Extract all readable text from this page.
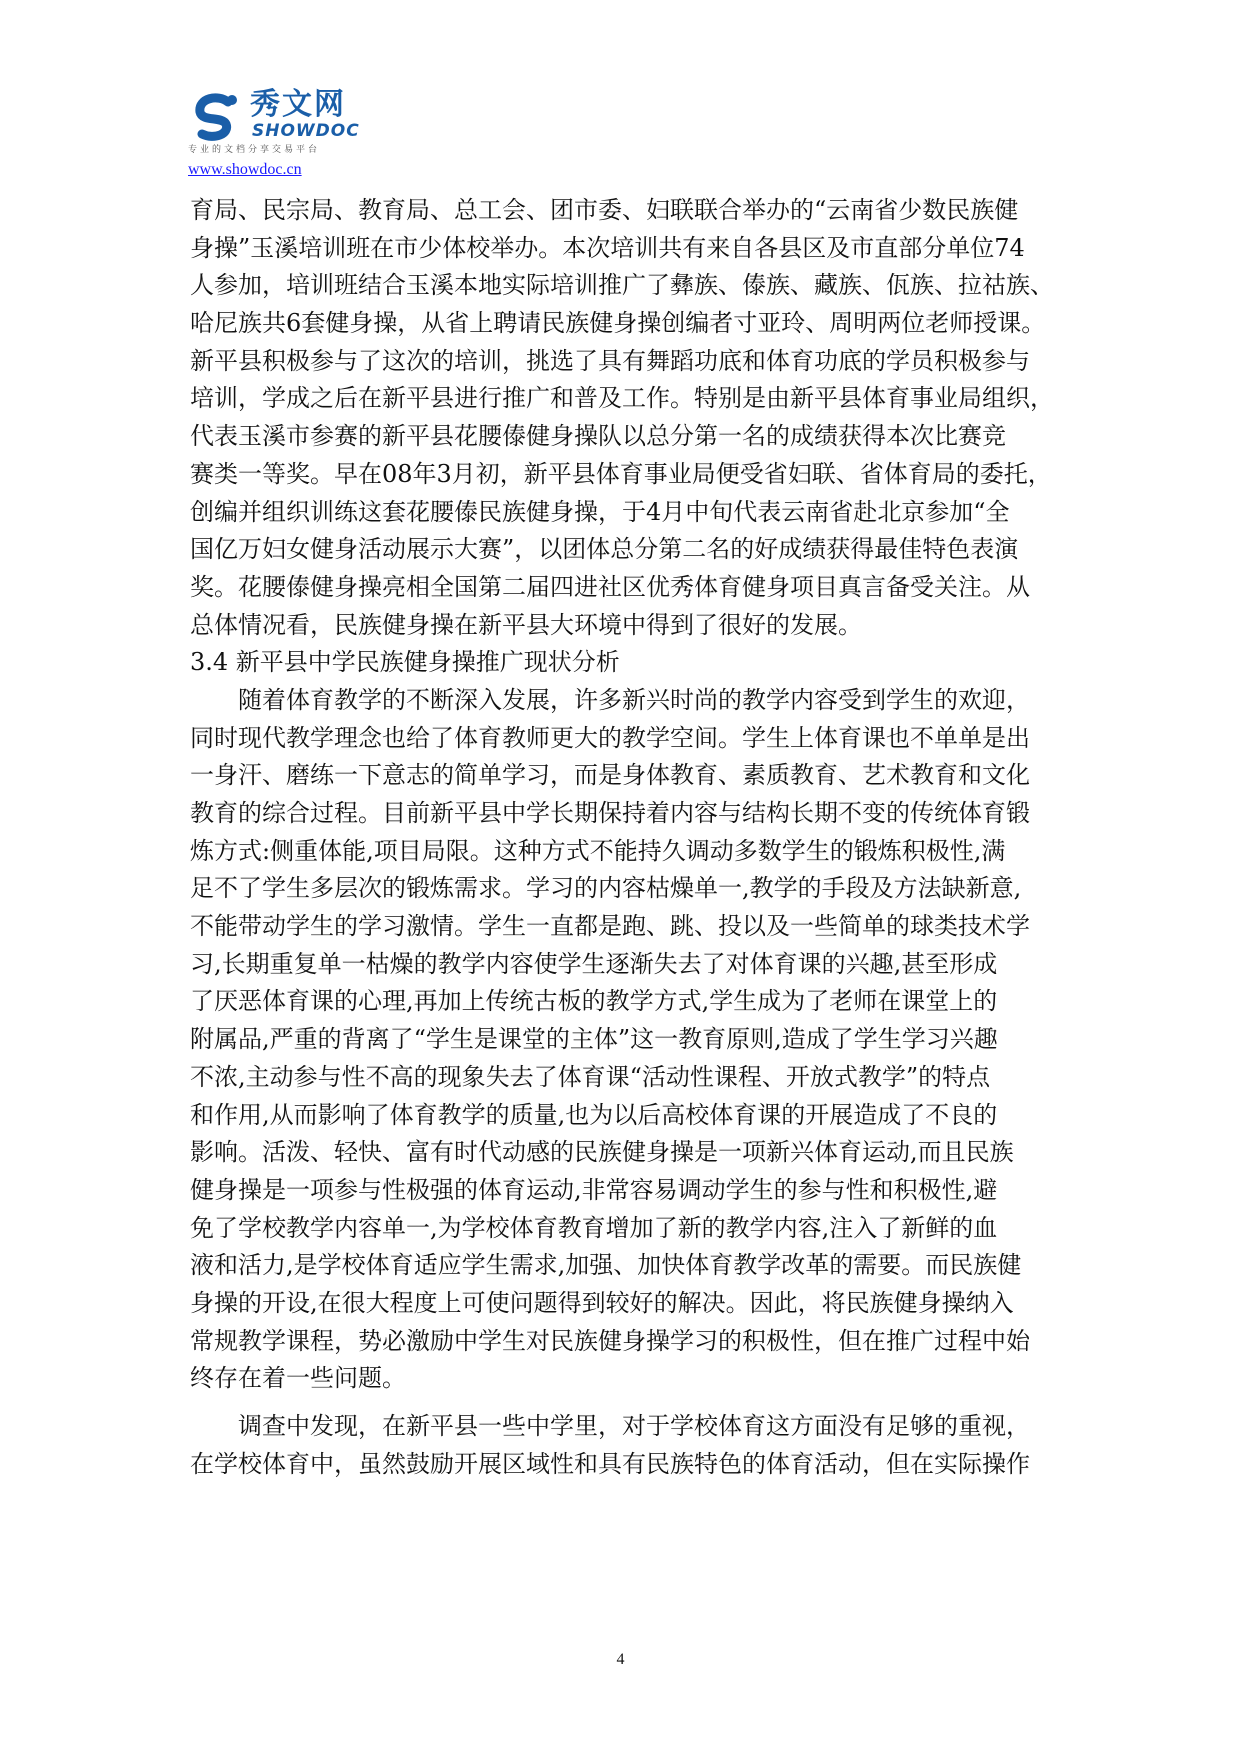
秀文网
SHOWDOC
专业的文档分享交易平台
www.showdoc.cn
育局、民宗局、教育局、总工会、团市委、妇联联合举办的“云南省少数民族健
身操”玉溪培训班在市少体校举办。本次培训共有来自各县区及市直部分单位74
人参加，培训班结合玉溪本地实际培训推广了彝族、傣族、藏族、佤族、拉祜族、
哈尼族共6套健身操，从省上聘请民族健身操创编者寸亚玲、周明两位老师授课。
新平县积极参与了这次的培训，挑选了具有舞蹈功底和体育功底的学员积极参与
培训，学成之后在新平县进行推广和普及工作。特别是由新平县体育事业局组织，
代表玉溪市参赛的新平县花腰傣健身操队以总分第一名的成绩获得本次比赛竞
赛类一等奖。早在08年3月初，新平县体育事业局便受省妇联、省体育局的委托，
创编并组织训练这套花腰傣民族健身操，于4月中旬代表云南省赴北京参加“全
国亿万妇女健身活动展示大赛”，以团体总分第二名的好成绩获得最佳特色表演
奖。花腰傣健身操亮相全国第二届四进社区优秀体育健身项目真言备受关注。从
总体情况看，民族健身操在新平县大环境中得到了很好的发展。
3.4 新平县中学民族健身操推广现状分析
随着体育教学的不断深入发展，许多新兴时尚的教学内容受到学生的欢迎，
同时现代教学理念也给了体育教师更大的教学空间。学生上体育课也不单单是出
一身汗、磨练一下意志的简单学习，而是身体教育、素质教育、艺术教育和文化
教育的综合过程。目前新平县中学长期保持着内容与结构长期不变的传统体育锻
炼方式:侧重体能,项目局限。这种方式不能持久调动多数学生的锻炼积极性,满
足不了学生多层次的锻炼需求。学习的内容枯燥单一,教学的手段及方法缺新意,
不能带动学生的学习激情。学生一直都是跑、跳、投以及一些简单的球类技术学
习,长期重复单一枯燥的教学内容使学生逐渐失去了对体育课的兴趣,甚至形成
了厌恶体育课的心理,再加上传统古板的教学方式,学生成为了老师在课堂上的
附属品,严重的背离了“学生是课堂的主体”这一教育原则,造成了学生学习兴趣
不浓,主动参与性不高的现象失去了体育课“活动性课程、开放式教学”的特点
和作用,从而影响了体育教学的质量,也为以后高校体育课的开展造成了不良的
影响。活泼、轻快、富有时代动感的民族健身操是一项新兴体育运动,而且民族
健身操是一项参与性极强的体育运动,非常容易调动学生的参与性和积极性,避
免了学校教学内容单一,为学校体育教育增加了新的教学内容,注入了新鲜的血
液和活力,是学校体育适应学生需求,加强、加快体育教学改革的需要。而民族健
身操的开设,在很大程度上可使问题得到较好的解决。因此，将民族健身操纳入
常规教学课程，势必激励中学生对民族健身操学习的积极性，但在推广过程中始
终存在着一些问题。
调查中发现，在新平县一些中学里，对于学校体育这方面没有足够的重视，
在学校体育中，虽然鼓励开展区域性和具有民族特色的体育活动，但在实际操作
4
